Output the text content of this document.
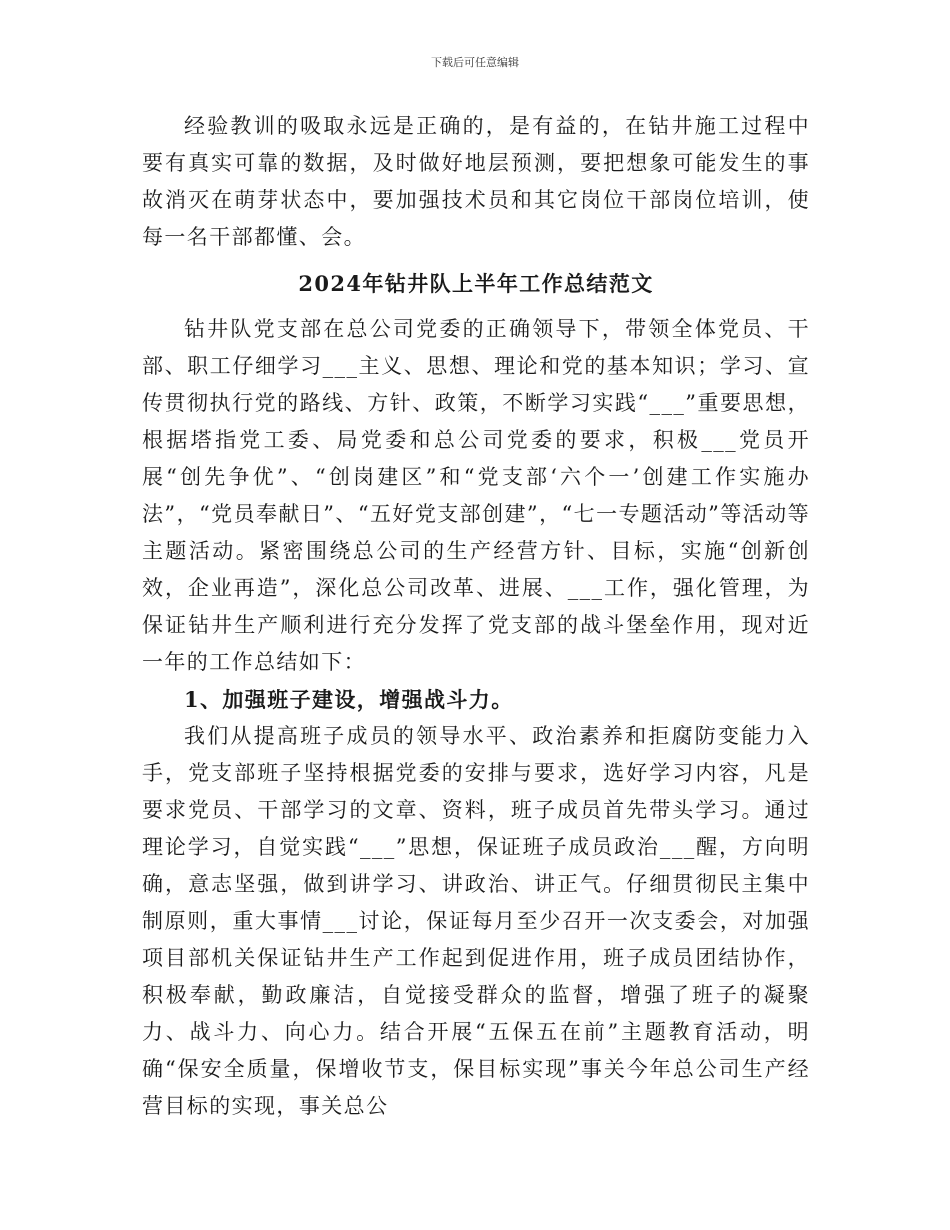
下载后可任意编辑

经验教训的吸取永远是正确的，是有益的，在钻井施工过程中要有真实可靠的数据，及时做好地层预测，要把想象可能发生的事故消灭在萌芽状态中，要加强技术员和其它岗位干部岗位培训，使每一名干部都懂、会。

2024年钻井队上半年工作总结范文

钻井队党支部在总公司党委的正确领导下，带领全体党员、干部、职工仔细学习___主义、思想、理论和党的基本知识；学习、宣传贯彻执行党的路线、方针、政策，不断学习实践“___”重要思想，根据塔指党工委、局党委和总公司党委的要求，积极___党员开展“创先争优”、“创岗建区”和“党支部‘六个一’创建工作实施办法”，“党员奉献日”、“五好党支部创建”，“七一专题活动”等活动等主题活动。紧密围绕总公司的生产经营方针、目标，实施“创新创效，企业再造”，深化总公司改革、进展、___工作，强化管理，为保证钻井生产顺利进行充分发挥了党支部的战斗堡垒作用，现对近一年的工作总结如下：

1、加强班子建设，增强战斗力。

我们从提高班子成员的领导水平、政治素养和拒腐防变能力入手，党支部班子坚持根据党委的安排与要求，选好学习内容，凡是要求党员、干部学习的文章、资料，班子成员首先带头学习。通过理论学习，自觉实践“___”思想，保证班子成员政治___醒，方向明确，意志坚强，做到讲学习、讲政治、讲正气。仔细贯彻民主集中制原则，重大事情___讨论，保证每月至少召开一次支委会，对加强项目部机关保证钻井生产工作起到促进作用，班子成员团结协作，积极奉献，勤政廉洁，自觉接受群众的监督，增强了班子的凝聚力、战斗力、向心力。结合开展“五保五在前”主题教育活动，明确“保安全质量，保增收节支，保目标实现”事关今年总公司生产经营目标的实现，事关总公
